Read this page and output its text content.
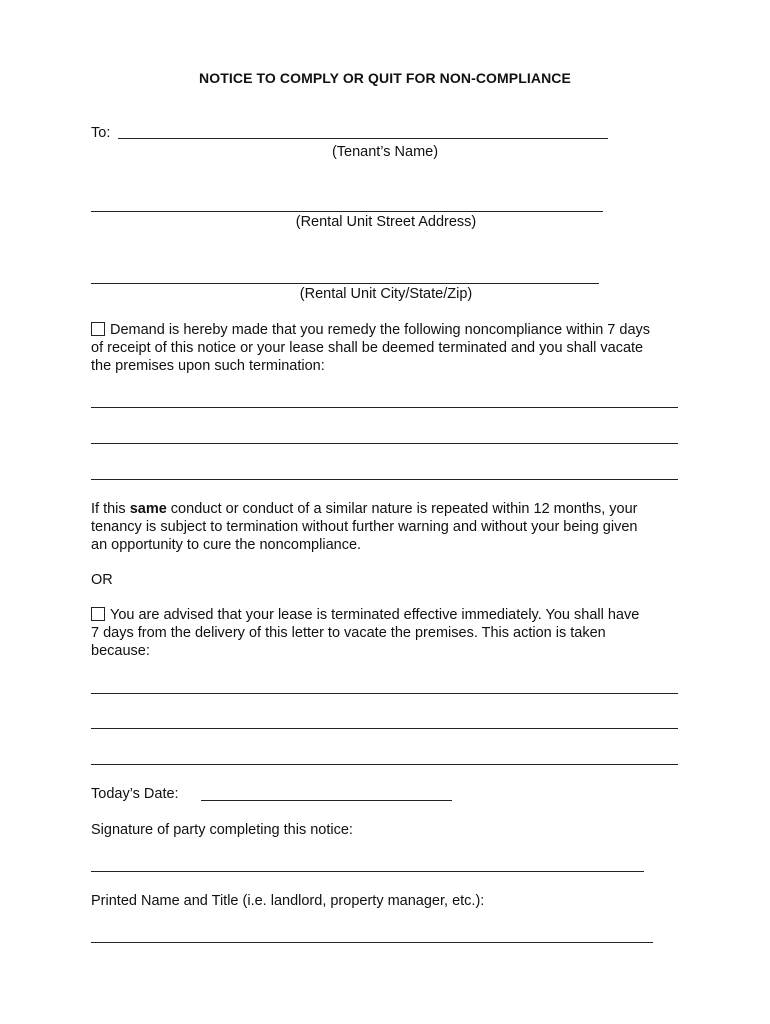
NOTICE TO COMPLY OR QUIT FOR NON-COMPLIANCE
To:
(Tenant’s Name)
(Rental Unit Street Address)
(Rental Unit City/State/Zip)
Demand is hereby made that you remedy the following noncompliance within 7 days
of receipt of this notice or your lease shall be deemed terminated and you shall vacate
the premises upon such termination:
If this same conduct or conduct of a similar nature is repeated within 12 months, your
tenancy is subject to termination without further warning and without your being given
an opportunity to cure the noncompliance.
OR
You are advised that your lease is terminated effective immediately. You shall have
7 days from the delivery of this letter to vacate the premises. This action is taken
because:
Today’s Date:
Signature of party completing this notice:
Printed Name and Title (i.e. landlord, property manager, etc.):
